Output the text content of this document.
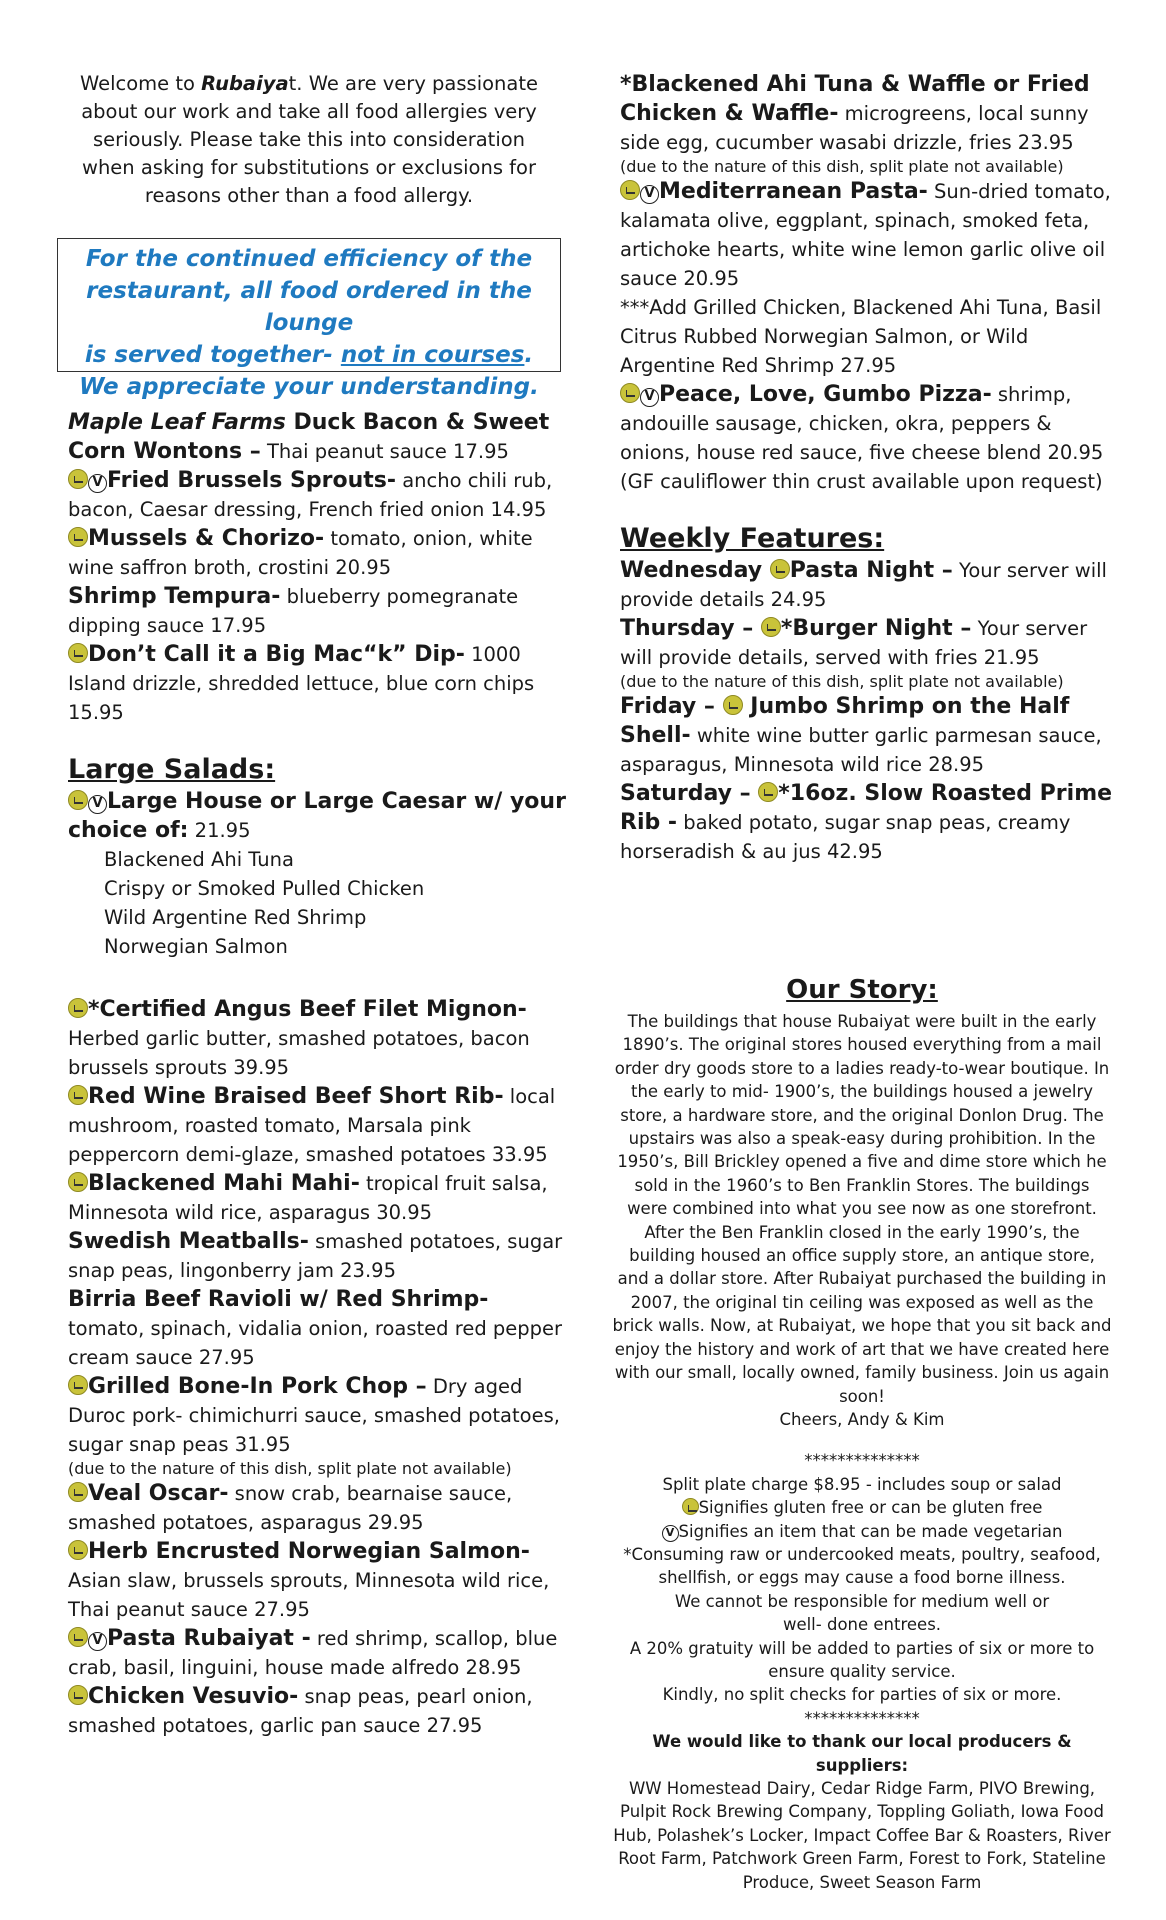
Welcome to Rubaiyat. We are very passionate about our work and take all food allergies very seriously. Please take this into consideration when asking for substitutions or exclusions for reasons other than a food allergy.
For the continued efficiency of the
restaurant, all food ordered in the lounge
is served together- not in courses.
We appreciate your understanding.
Maple Leaf Farms Duck Bacon & Sweet Corn Wontons – Thai peanut sauce 17.95
V Fried Brussels Sprouts- ancho chili rub, bacon, Caesar dressing, French fried onion 14.95
Mussels & Chorizo- tomato, onion, white wine saffron broth, crostini 20.95
Shrimp Tempura- blueberry pomegranate dipping sauce 17.95
Don’t Call it a Big Mac“k” Dip- 1000 Island drizzle, shredded lettuce, blue corn chips 15.95
Large Salads:
V Large House or Large Caesar w/ your choice of: 21.95
Blackened Ahi Tuna
Crispy or Smoked Pulled Chicken
Wild Argentine Red Shrimp
Norwegian Salmon
*Certified Angus Beef Filet Mignon-
Herbed garlic butter, smashed potatoes, bacon brussels sprouts 39.95
Red Wine Braised Beef Short Rib- local mushroom, roasted tomato, Marsala pink peppercorn demi-glaze, smashed potatoes 33.95
Blackened Mahi Mahi- tropical fruit salsa, Minnesota wild rice, asparagus 30.95
Swedish Meatballs- smashed potatoes, sugar snap peas, lingonberry jam 23.95
Birria Beef Ravioli w/ Red Shrimp- tomato, spinach, vidalia onion, roasted red pepper cream sauce 27.95
Grilled Bone-In Pork Chop – Dry aged Duroc pork- chimichurri sauce, smashed potatoes, sugar snap peas 31.95
(due to the nature of this dish, split plate not available)
Veal Oscar- snow crab, bearnaise sauce, smashed potatoes, asparagus 29.95
Herb Encrusted Norwegian Salmon-
Asian slaw, brussels sprouts, Minnesota wild rice, Thai peanut sauce 27.95
V Pasta Rubaiyat - red shrimp, scallop, blue crab, basil, linguini, house made alfredo 28.95
Chicken Vesuvio- snap peas, pearl onion, smashed potatoes, garlic pan sauce 27.95
*Blackened Ahi Tuna & Waffle or Fried Chicken & Waffle- microgreens, local sunny side egg, cucumber wasabi drizzle, fries 23.95
(due to the nature of this dish, split plate not available)
V Mediterranean Pasta- Sun-dried tomato, kalamata olive, eggplant, spinach, smoked feta, artichoke hearts, white wine lemon garlic olive oil sauce 20.95
***Add Grilled Chicken, Blackened Ahi Tuna, Basil Citrus Rubbed Norwegian Salmon, or Wild Argentine Red Shrimp 27.95
V Peace, Love, Gumbo Pizza- shrimp, andouille sausage, chicken, okra, peppers & onions, house red sauce, five cheese blend 20.95
(GF cauliflower thin crust available upon request)
Weekly Features:
Wednesday Pasta Night – Your server will provide details 24.95
Thursday – *Burger Night – Your server will provide details, served with fries 21.95
(due to the nature of this dish, split plate not available)
Friday –  Jumbo Shrimp on the Half Shell- white wine butter garlic parmesan sauce, asparagus, Minnesota wild rice 28.95
Saturday – *16oz. Slow Roasted Prime Rib - baked potato, sugar snap peas, creamy horseradish & au jus 42.95
Our Story:
The buildings that house Rubaiyat were built in the early 1890’s. The original stores housed everything from a mail order dry goods store to a ladies ready-to-wear boutique. In the early to mid- 1900’s, the buildings housed a jewelry store, a hardware store, and the original Donlon Drug. The upstairs was also a speak-easy during prohibition. In the 1950’s, Bill Brickley opened a five and dime store which he sold in the 1960’s to Ben Franklin Stores. The buildings were combined into what you see now as one storefront. After the Ben Franklin closed in the early 1990’s, the building housed an office supply store, an antique store, and a dollar store. After Rubaiyat purchased the building in 2007, the original tin ceiling was exposed as well as the brick walls. Now, at Rubaiyat, we hope that you sit back and enjoy the history and work of art that we have created here with our small, locally owned, family business. Join us again soon!
Cheers, Andy & Kim
**************
Split plate charge $8.95 - includes soup or salad
Signifies gluten free or can be gluten free
V Signifies an item that can be made vegetarian
*Consuming raw or undercooked meats, poultry, seafood, shellfish, or eggs may cause a food borne illness.
We cannot be responsible for medium well or
well- done entrees.
A 20% gratuity will be added to parties of six or more to ensure quality service.
Kindly, no split checks for parties of six or more.
**************
We would like to thank our local producers & suppliers:
WW Homestead Dairy, Cedar Ridge Farm, PIVO Brewing, Pulpit Rock Brewing Company, Toppling Goliath, Iowa Food Hub, Polashek’s Locker, Impact Coffee Bar & Roasters, River Root Farm, Patchwork Green Farm, Forest to Fork, Stateline Produce, Sweet Season Farm
